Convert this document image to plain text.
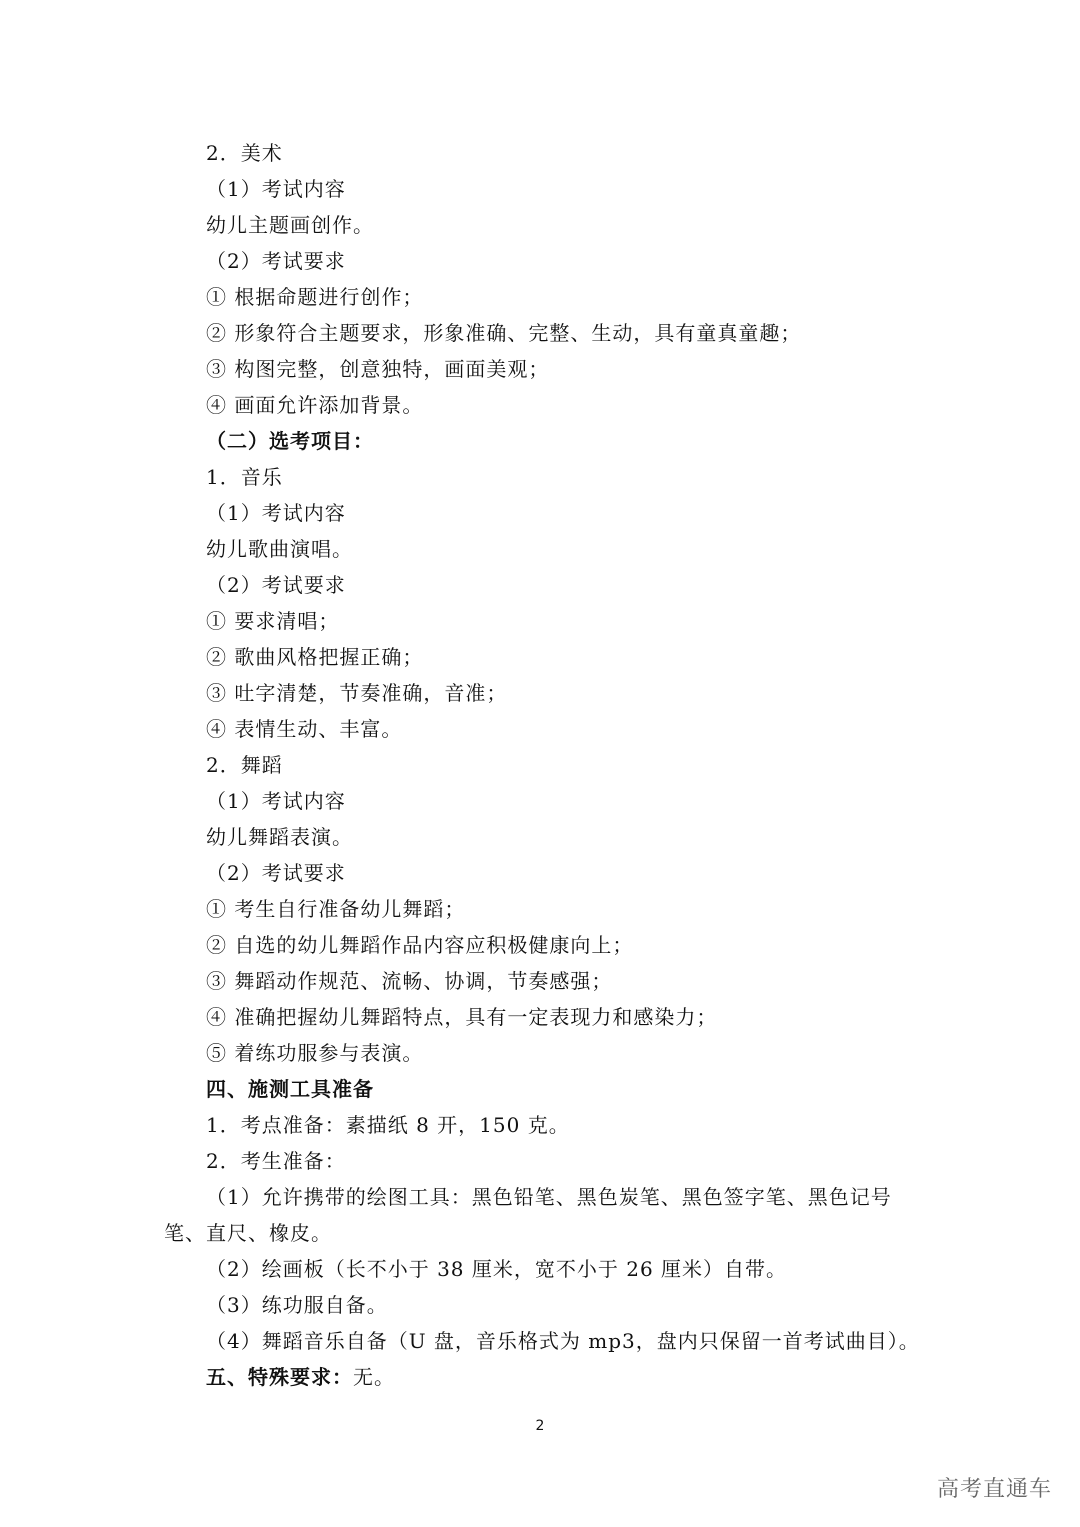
2．美术
（1）考试内容
幼儿主题画创作。
（2）考试要求
① 根据命题进行创作；
② 形象符合主题要求，形象准确、完整、生动，具有童真童趣；
③ 构图完整，创意独特，画面美观；
④ 画面允许添加背景。
（二）选考项目：
1．音乐
（1）考试内容
幼儿歌曲演唱。
（2）考试要求
① 要求清唱；
② 歌曲风格把握正确；
③ 吐字清楚，节奏准确，音准；
④ 表情生动、丰富。
2．舞蹈
（1）考试内容
幼儿舞蹈表演。
（2）考试要求
① 考生自行准备幼儿舞蹈；
② 自选的幼儿舞蹈作品内容应积极健康向上；
③ 舞蹈动作规范、流畅、协调，节奏感强；
④ 准确把握幼儿舞蹈特点，具有一定表现力和感染力；
⑤ 着练功服参与表演。
四、施测工具准备
1．考点准备：素描纸 8 开，150 克。
2．考生准备：
（1）允许携带的绘图工具：黑色铅笔、黑色炭笔、黑色签字笔、黑色记号
笔、直尺、橡皮。
（2）绘画板（长不小于 38 厘米，宽不小于 26 厘米）自带。
（3）练功服自备。
（4）舞蹈音乐自备（U 盘，音乐格式为 mp3，盘内只保留一首考试曲目）。
五、特殊要求：无。
2
高考直通车
